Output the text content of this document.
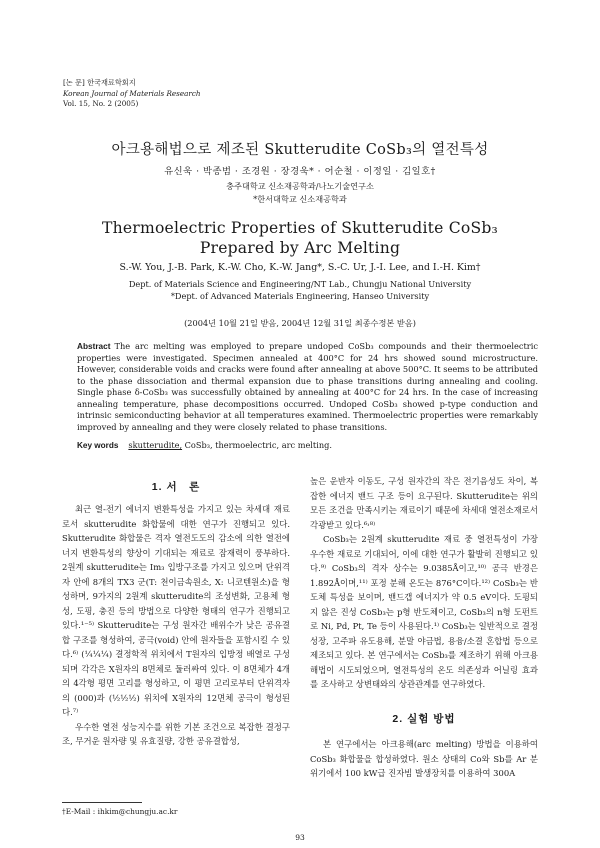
[논 문] 한국재료학회지
Korean Journal of Materials Research
Vol. 15, No. 2 (2005)
아크용해법으로 제조된 Skutterudite CoSb₃의 열전특성
유신욱 · 박종범 · 조경원 · 장경욱* · 어순철 · 이정일 · 김일호†
충주대학교 신소재공학과/나노기술연구소
*한서대학교 신소재공학과
Thermoelectric Properties of Skutterudite CoSb₃
Prepared by Arc Melting
S.-W. You, J.-B. Park, K.-W. Cho, K.-W. Jang*, S.-C. Ur, J.-I. Lee, and I.-H. Kim†
Dept. of Materials Science and Engineering/NT Lab., Chungju National University
*Dept. of Advanced Materials Engineering, Hanseo University
(2004년 10월 21일 받음, 2004년 12월 31일 최종수정본 받음)
Abstract The arc melting was employed to prepare undoped CoSb₃ compounds and their thermoelectric properties were investigated. Specimen annealed at 400°C for 24 hrs showed sound microstructure. However, considerable voids and cracks were found after annealing at above 500°C. It seems to be attributed to the phase dissociation and thermal expansion due to phase transitions during annealing and cooling. Single phase δ-CoSb₃ was successfully obtained by annealing at 400°C for 24 hrs. In the case of increasing annealing temperature, phase decompositions occurred. Undoped CoSb₃ showed p-type conduction and intrinsic semiconducting behavior at all temperatures examined. Thermoelectric properties were remarkably improved by annealing and they were closely related to phase transitions.
Key words skutterudite, CoSb₃, thermoelectric, arc melting.
1. 서　론

최근 열-전기 에너지 변환특성을 가지고 있는 차세대 재료로서 skutterudite 화합물에 대한 연구가 진행되고 있다. Skutterudite 화합물은 격자 열전도도의 감소에 의한 열전에너지 변환특성의 향상이 기대되는 재료로 잠재력이 풍부하다. 2원계 skutterudite는 Im₃ 입방구조를 가지고 있으며 단위격자 안에 8개의 TX3 군(T: 천이금속원소, X: 니코텐원소)을 형성하며, 9가지의 2원계 skutterudite의 조성변화, 고용체 형성, 도핑, 충진 등의 방법으로 다양한 형태의 연구가 진행되고 있다.¹⁻⁵⁾ Skutterudite는 구성 원자간 배위수가 낮은 공유결합 구조를 형성하여, 공극(void) 안에 원자들을 포함시킬 수 있다.⁶⁾ (¼¼¼) 결정학적 위치에서 T원자의 입방정 배열로 구성되며 각각은 X원자의 8면체로 둘러싸여 있다. 이 8면체가 4개의 4각형 평면 고리를 형성하고, 이 평면 고리로부터 단위격자의 (000)과 (½½½) 위치에 X원자의 12면체 공극이 형성된다.⁷⁾

우수한 열전 성능지수를 위한 기본 조건으로 복잡한 결정구조, 무거운 원자량 및 유효질량, 강한 공유결합성,

높은 운반자 이동도, 구성 원자간의 작은 전기음성도 차이, 복잡한 에너지 밴드 구조 등이 요구된다. Skutterudite는 위의 모든 조건을 만족시키는 재료이기 때문에 차세대 열전소재로서 각광받고 있다.⁶˒⁸⁾

CoSb₃는 2원계 skutterudite 재료 중 열전특성이 가장 우수한 재료로 기대되어, 이에 대한 연구가 활발히 진행되고 있다.⁹⁾ CoSb₃의 격자 상수는 9.0385Å이고,¹⁰⁾ 공극 반경은 1.892Å이며,¹¹⁾ 포정 분해 온도는 876°C이다.¹²⁾ CoSb₃는 반도체 특성을 보이며, 밴드갭 에너지가 약 0.5 eV이다. 도핑되지 않은 진성 CoSb₃는 p형 반도체이고, CoSb₃의 n형 도펀트로 Ni, Pd, Pt, Te 등이 사용된다.¹⁾ CoSb₃는 일반적으로 결정성장, 고주파 유도용해, 분말 야금법, 용융/소결 혼합법 등으로 제조되고 있다. 본 연구에서는 CoSb₃를 제조하기 위해 아크용해법이 시도되었으며, 열전특성의 온도 의존성과 어닐링 효과를 조사하고 상변태와의 상관관계를 연구하였다.

2. 실험 방법

본 연구에서는 아크용해(arc melting) 방법을 이용하여 CoSb₃ 화합물을 합성하였다. 원소 상태의 Co와 Sb를 Ar 분위기에서 100 kW급 진자빔 발생장치를 이용하여 300A

†E-Mail : ihkim@chungju.ac.kr
93
